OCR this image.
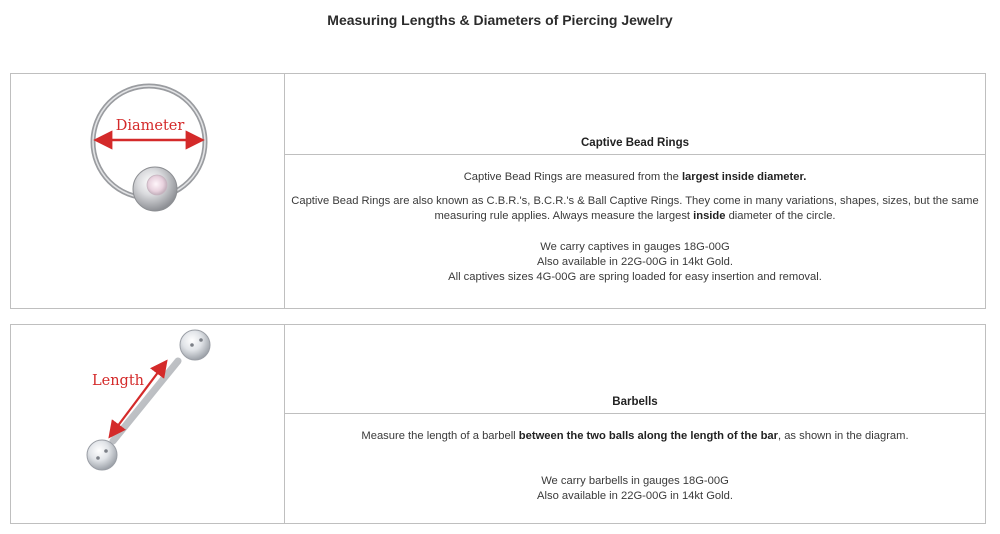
Measuring Lengths & Diameters of Piercing Jewelry
Diameter
Captive Bead Rings

Captive Bead Rings are measured from the largest inside diameter.

Captive Bead Rings are also known as C.B.R.'s, B.C.R.'s & Ball Captive Rings. They come in many variations, shapes, sizes, but the same measuring rule applies. Always measure the largest inside diameter of the circle.

We carry captives in gauges 18G-00G

Also available in 22G-00G in 14kt Gold.

All captives sizes 4G-00G are spring loaded for easy insertion and removal.

Length
Barbells

Measure the length of a barbell between the two balls along the length of the bar, as shown in the diagram.

We carry barbells in gauges 18G-00G

Also available in 22G-00G in 14kt Gold.
